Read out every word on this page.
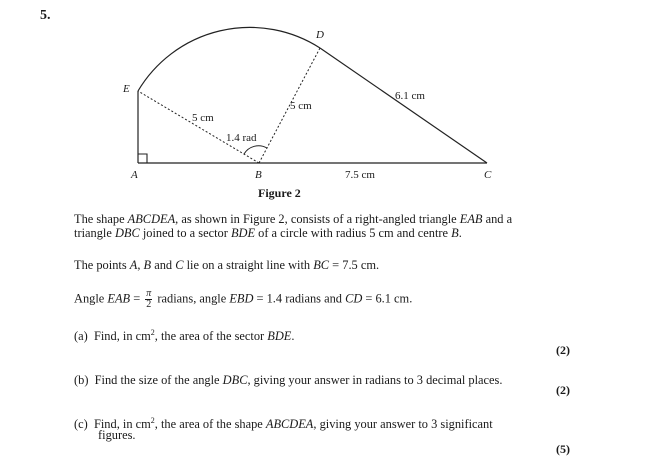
5.
A	B	C
D
E
5 cm
5 cm
1.4 rad
6.1 cm
7.5 cm
Figure 2
The shape ABCDEA, as shown in Figure 2, consists of a right-angled triangle EAB and a
triangle DBC joined to a sector BDE of a circle with radius 5 cm and centre B.
The points A, B and C lie on a straight line with BC = 7.5 cm.
Angle EAB = $\frac{\pi}{2}$ radians, angle EBD = 1.4 radians and CD = 6.1 cm.
(a) Find, in $cm^2$, the area of the sector BDE.
(2)
(b) Find the size of the angle DBC, giving your answer in radians to 3 decimal places.
(2)
(c) Find, in $cm^2$, the area of the shape ABCDEA, giving your answer to 3 significant
figures.
(5)
